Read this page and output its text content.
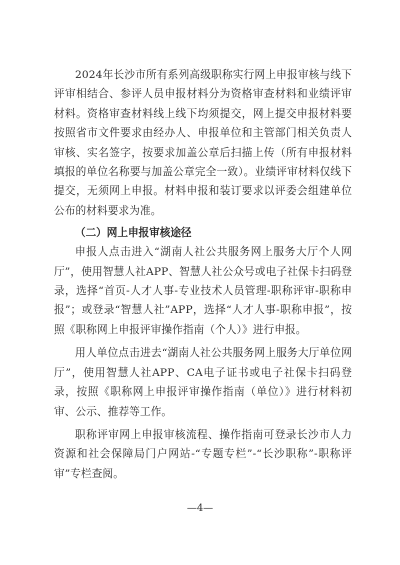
2024年长沙市所有系列高级职称实行网上申报审核与线下评审相结合、参评人员申报材料分为资格审查材料和业绩评审材料。资格审查材料线上线下均须提交，网上提交申报材料要按照省市文件要求由经办人、申报单位和主管部门相关负责人审核、实名签字，按要求加盖公章后扫描上传（所有申报材料填报的单位名称要与加盖公章完全一致）。业绩评审材料仅线下提交，无须网上申报。材料申报和装订要求以评委会组建单位公布的材料要求为准。

（二）网上申报审核途径

申报人点击进入“湖南人社公共服务网上服务大厅个人网厅”，使用智慧人社APP、智慧人社公众号或电子社保卡扫码登录，选择“首页-人才人事-专业技术人员管理-职称评审-职称申报”；或登录“智慧人社”APP，选择“人才人事-职称申报”，按照《职称网上申报评审操作指南（个人）》进行申报。

用人单位点击进去“湖南人社公共服务网上服务大厅单位网厅”，使用智慧人社APP、CA电子证书或电子社保卡扫码登录，按照《职称网上申报评审操作指南（单位）》进行材料初审、公示、推荐等工作。

职称评审网上申报审核流程、操作指南可登录长沙市人力资源和社会保障局门户网站-“专题专栏”-“长沙职称”-职称评审”专栏查阅。

—4—
